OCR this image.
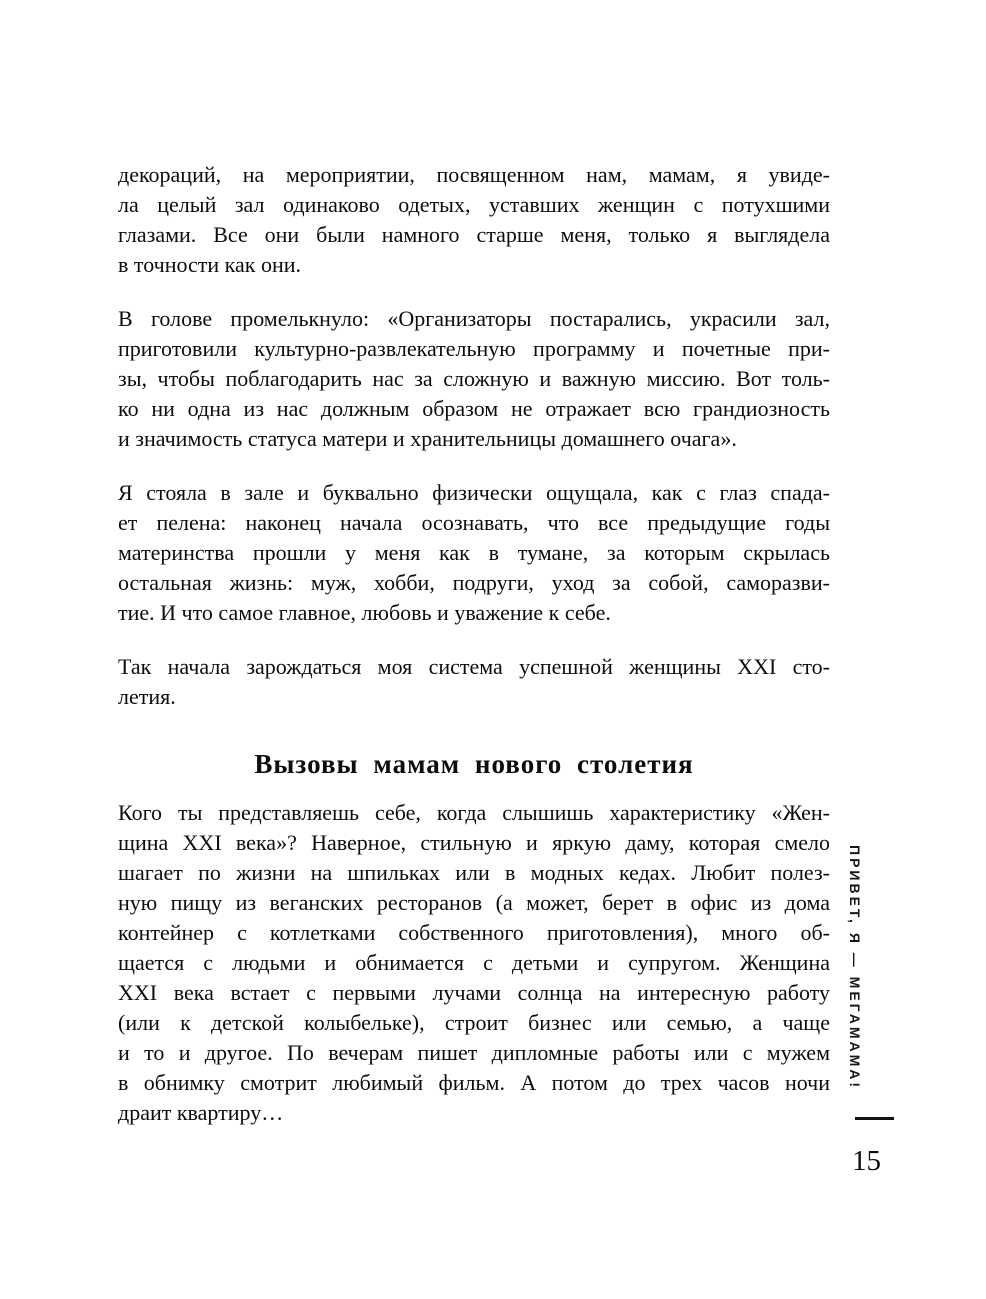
декораций, на мероприятии, посвященном нам, мамам, я увиде-
ла целый зал одинаково одетых, уставших женщин с потухшими
глазами. Все они были намного старше меня, только я выглядела
в точности как они.
В голове промелькнуло: «Организаторы постарались, украсили зал,
приготовили культурно-развлекательную программу и почетные при-
зы, чтобы поблагодарить нас за сложную и важную миссию. Вот толь-
ко ни одна из нас должным образом не отражает всю грандиозность
и значимость статуса матери и хранительницы домашнего очага».
Я стояла в зале и буквально физически ощущала, как с глаз спада-
ет пелена: наконец начала осознавать, что все предыдущие годы
материнства прошли у меня как в тумане, за которым скрылась
остальная жизнь: муж, хобби, подруги, уход за собой, саморазви-
тие. И что самое главное, любовь и уважение к себе.
Так начала зарождаться моя система успешной женщины XXI сто-
летия.
Вызовы мамам нового столетия
Кого ты представляешь себе, когда слышишь характеристику «Жен-
щина XXI века»? Наверное, стильную и яркую даму, которая смело
шагает по жизни на шпильках или в модных кедах. Любит полез-
ную пищу из веганских ресторанов (а может, берет в офис из дома
контейнер с котлетками собственного приготовления), много об-
щается с людьми и обнимается с детьми и супругом. Женщина
XXI века встает с первыми лучами солнца на интересную работу
(или к детской колыбельке), строит бизнес или семью, а чаще
и то и другое. По вечерам пишет дипломные работы или с мужем
в обнимку смотрит любимый фильм. А потом до трех часов ночи
драит квартиру…
ПРИВЕТ, Я — МЕГАМАМА!
15
